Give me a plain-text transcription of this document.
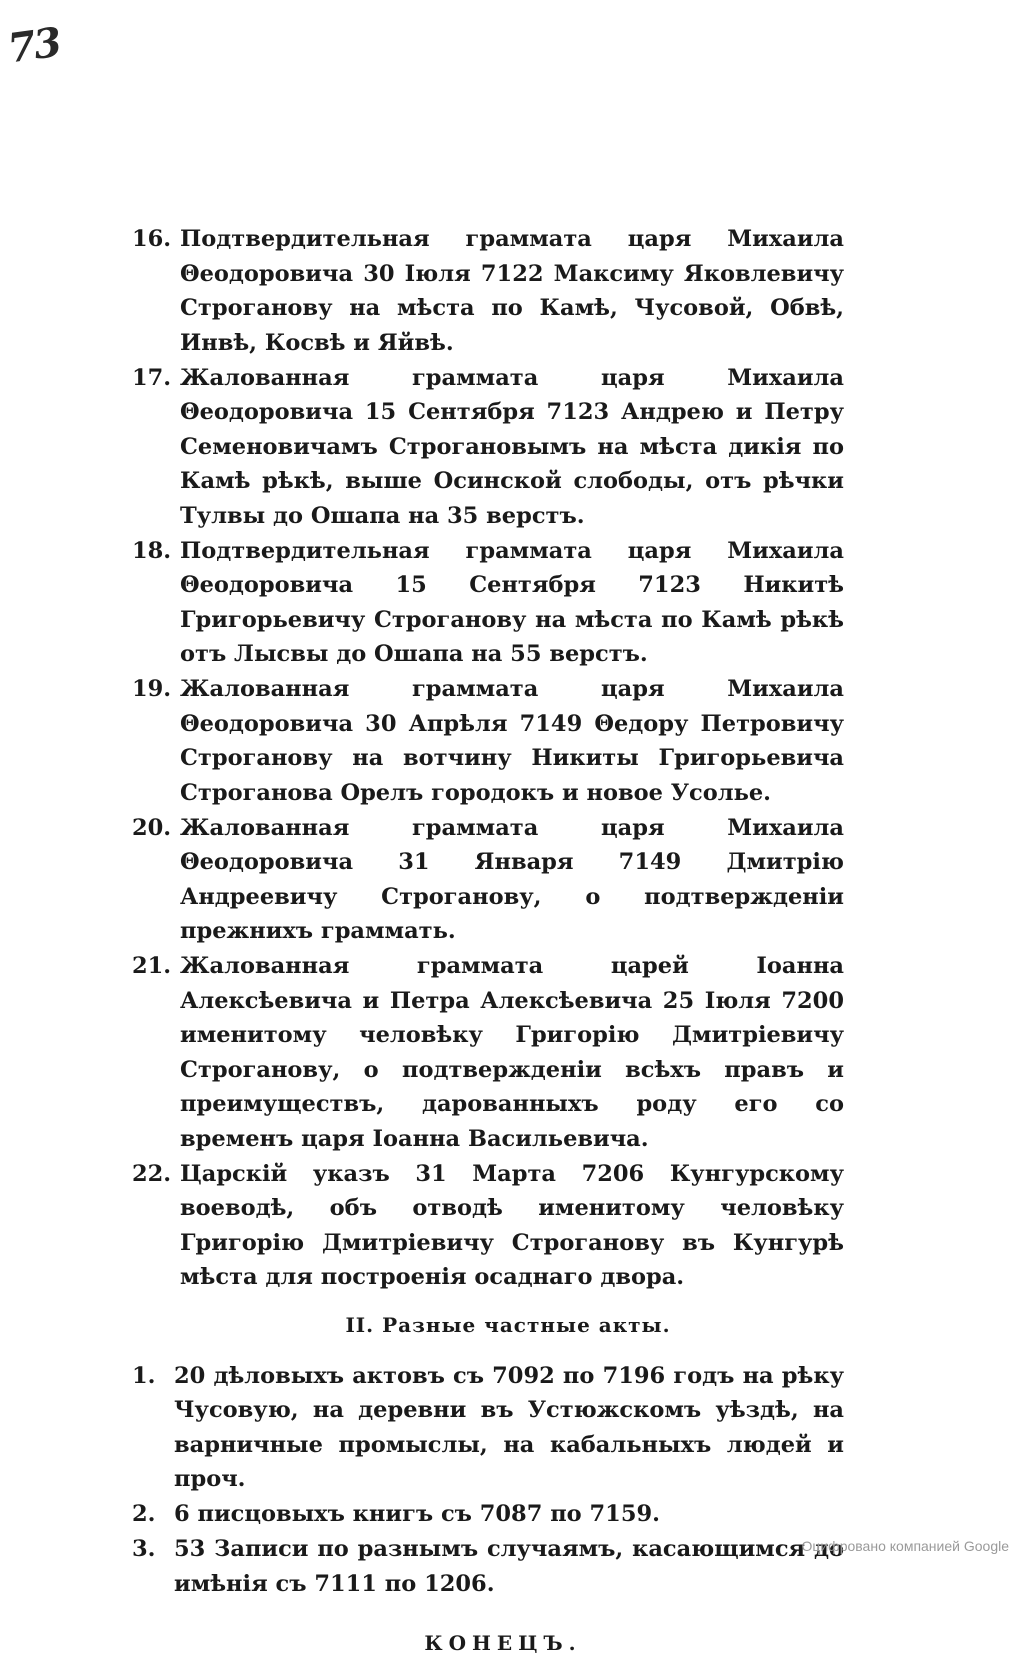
73
16. Подтвердительная граммата царя Михаила Θеодоровича 30 Іюля 7122 Максиму Яковлевичу Строганову на мѣста по Камѣ, Чусовой, Обвѣ, Инвѣ, Косвѣ и Яйвѣ.
17. Жалованная граммата царя Михаила Θеодоровича 15 Сентября 7123 Андрею и Петру Семеновичамъ Строгановымъ на мѣста дикія по Камѣ рѣкѣ, выше Осинской слободы, отъ рѣчки Тулвы до Ошапа на 35 верстъ.
18. Подтвердительная граммата царя Михаила Θеодоровича 15 Сентября 7123 Никитѣ Григорьевичу Строганову на мѣста по Камѣ рѣкѣ отъ Лысвы до Ошапа на 55 верстъ.
19. Жалованная граммата царя Михаила Θеодоровича 30 Апрѣля 7149 Θедору Петровичу Строганову на вотчину Никиты Григорьевича Строганова Орелъ городокъ и новое Усолье.
20. Жалованная граммата царя Михаила Θеодоровича 31 Января 7149 Дмитрію Андреевичу Строганову, о подтвержденіи прежнихъ граммать.
21. Жалованная граммата царей Іоанна Алексѣевича и Петра Алексѣевича 25 Іюля 7200 именитому человѣку Григорію Дмитріевичу Строганову, о подтвержденіи всѣхъ правъ и преимуществъ, дарованныхъ роду его со временъ царя Іоанна Васильевича.
22. Царскій указъ 31 Марта 7206 Кунгурскому воеводѣ, объ отводѣ именитому человѣку Григорію Дмитріевичу Строганову въ Кунгурѣ мѣста для построенія осаднаго двора.
II. Разные частные акты.
1. 20 дѣловыхъ актовъ съ 7092 по 7196 годъ на рѣку Чусовую, на деревни въ Устюжскомъ уѣздѣ, на варничные промыслы, на кабальныхъ людей и проч.
2. 6 писцовыхъ книгъ съ 7087 по 7159.
3. 53 Записи по разнымъ случаямъ, касающимся до имѣнія съ 7111 по 1206.
КОНЕЦЪ.
Оцифровано компанией Google
